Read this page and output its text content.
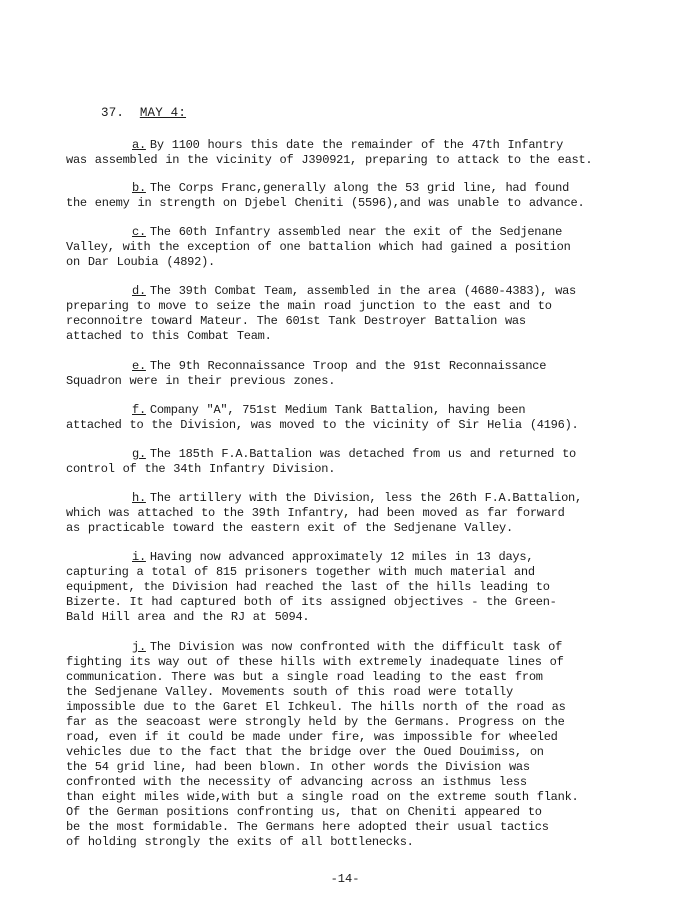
37. MAY 4:
a. By 1100 hours this date the remainder of the 47th Infantry
was assembled in the vicinity of J390921, preparing to attack to the east.
b. The Corps Franc,generally along the 53 grid line, had found
the enemy in strength on Djebel Cheniti (5596),and was unable to advance.
c. The 60th Infantry assembled near the exit of the Sedjenane
Valley, with the exception of one battalion which had gained a position
on Dar Loubia (4892).
d. The 39th Combat Team, assembled in the area (4680-4383), was
preparing to move to seize the main road junction to the east and to
reconnoitre toward Mateur. The 601st Tank Destroyer Battalion was
attached to this Combat Team.
e. The 9th Reconnaissance Troop and the 91st Reconnaissance
Squadron were in their previous zones.
f. Company "A", 751st Medium Tank Battalion, having been
attached to the Division, was moved to the vicinity of Sir Helia (4196).
g. The 185th F.A.Battalion was detached from us and returned to
control of the 34th Infantry Division.
h. The artillery with the Division, less the 26th F.A.Battalion,
which was attached to the 39th Infantry, had been moved as far forward
as practicable toward the eastern exit of the Sedjenane Valley.
i. Having now advanced approximately 12 miles in 13 days,
capturing a total of 815 prisoners together with much material and
equipment, the Division had reached the last of the hills leading to
Bizerte. It had captured both of its assigned objectives - the Green-
Bald Hill area and the RJ at 5094.
j. The Division was now confronted with the difficult task of
fighting its way out of these hills with extremely inadequate lines of
communication. There was but a single road leading to the east from
the Sedjenane Valley. Movements south of this road were totally
impossible due to the Garet El Ichkeul. The hills north of the road as
far as the seacoast were strongly held by the Germans. Progress on the
road, even if it could be made under fire, was impossible for wheeled
vehicles due to the fact that the bridge over the Oued Douimiss, on
the 54 grid line, had been blown. In other words the Division was
confronted with the necessity of advancing across an isthmus less
than eight miles wide,with but a single road on the extreme south flank.
Of the German positions confronting us, that on Cheniti appeared to
be the most formidable. The Germans here adopted their usual tactics
of holding strongly the exits of all bottlenecks.
-14-
